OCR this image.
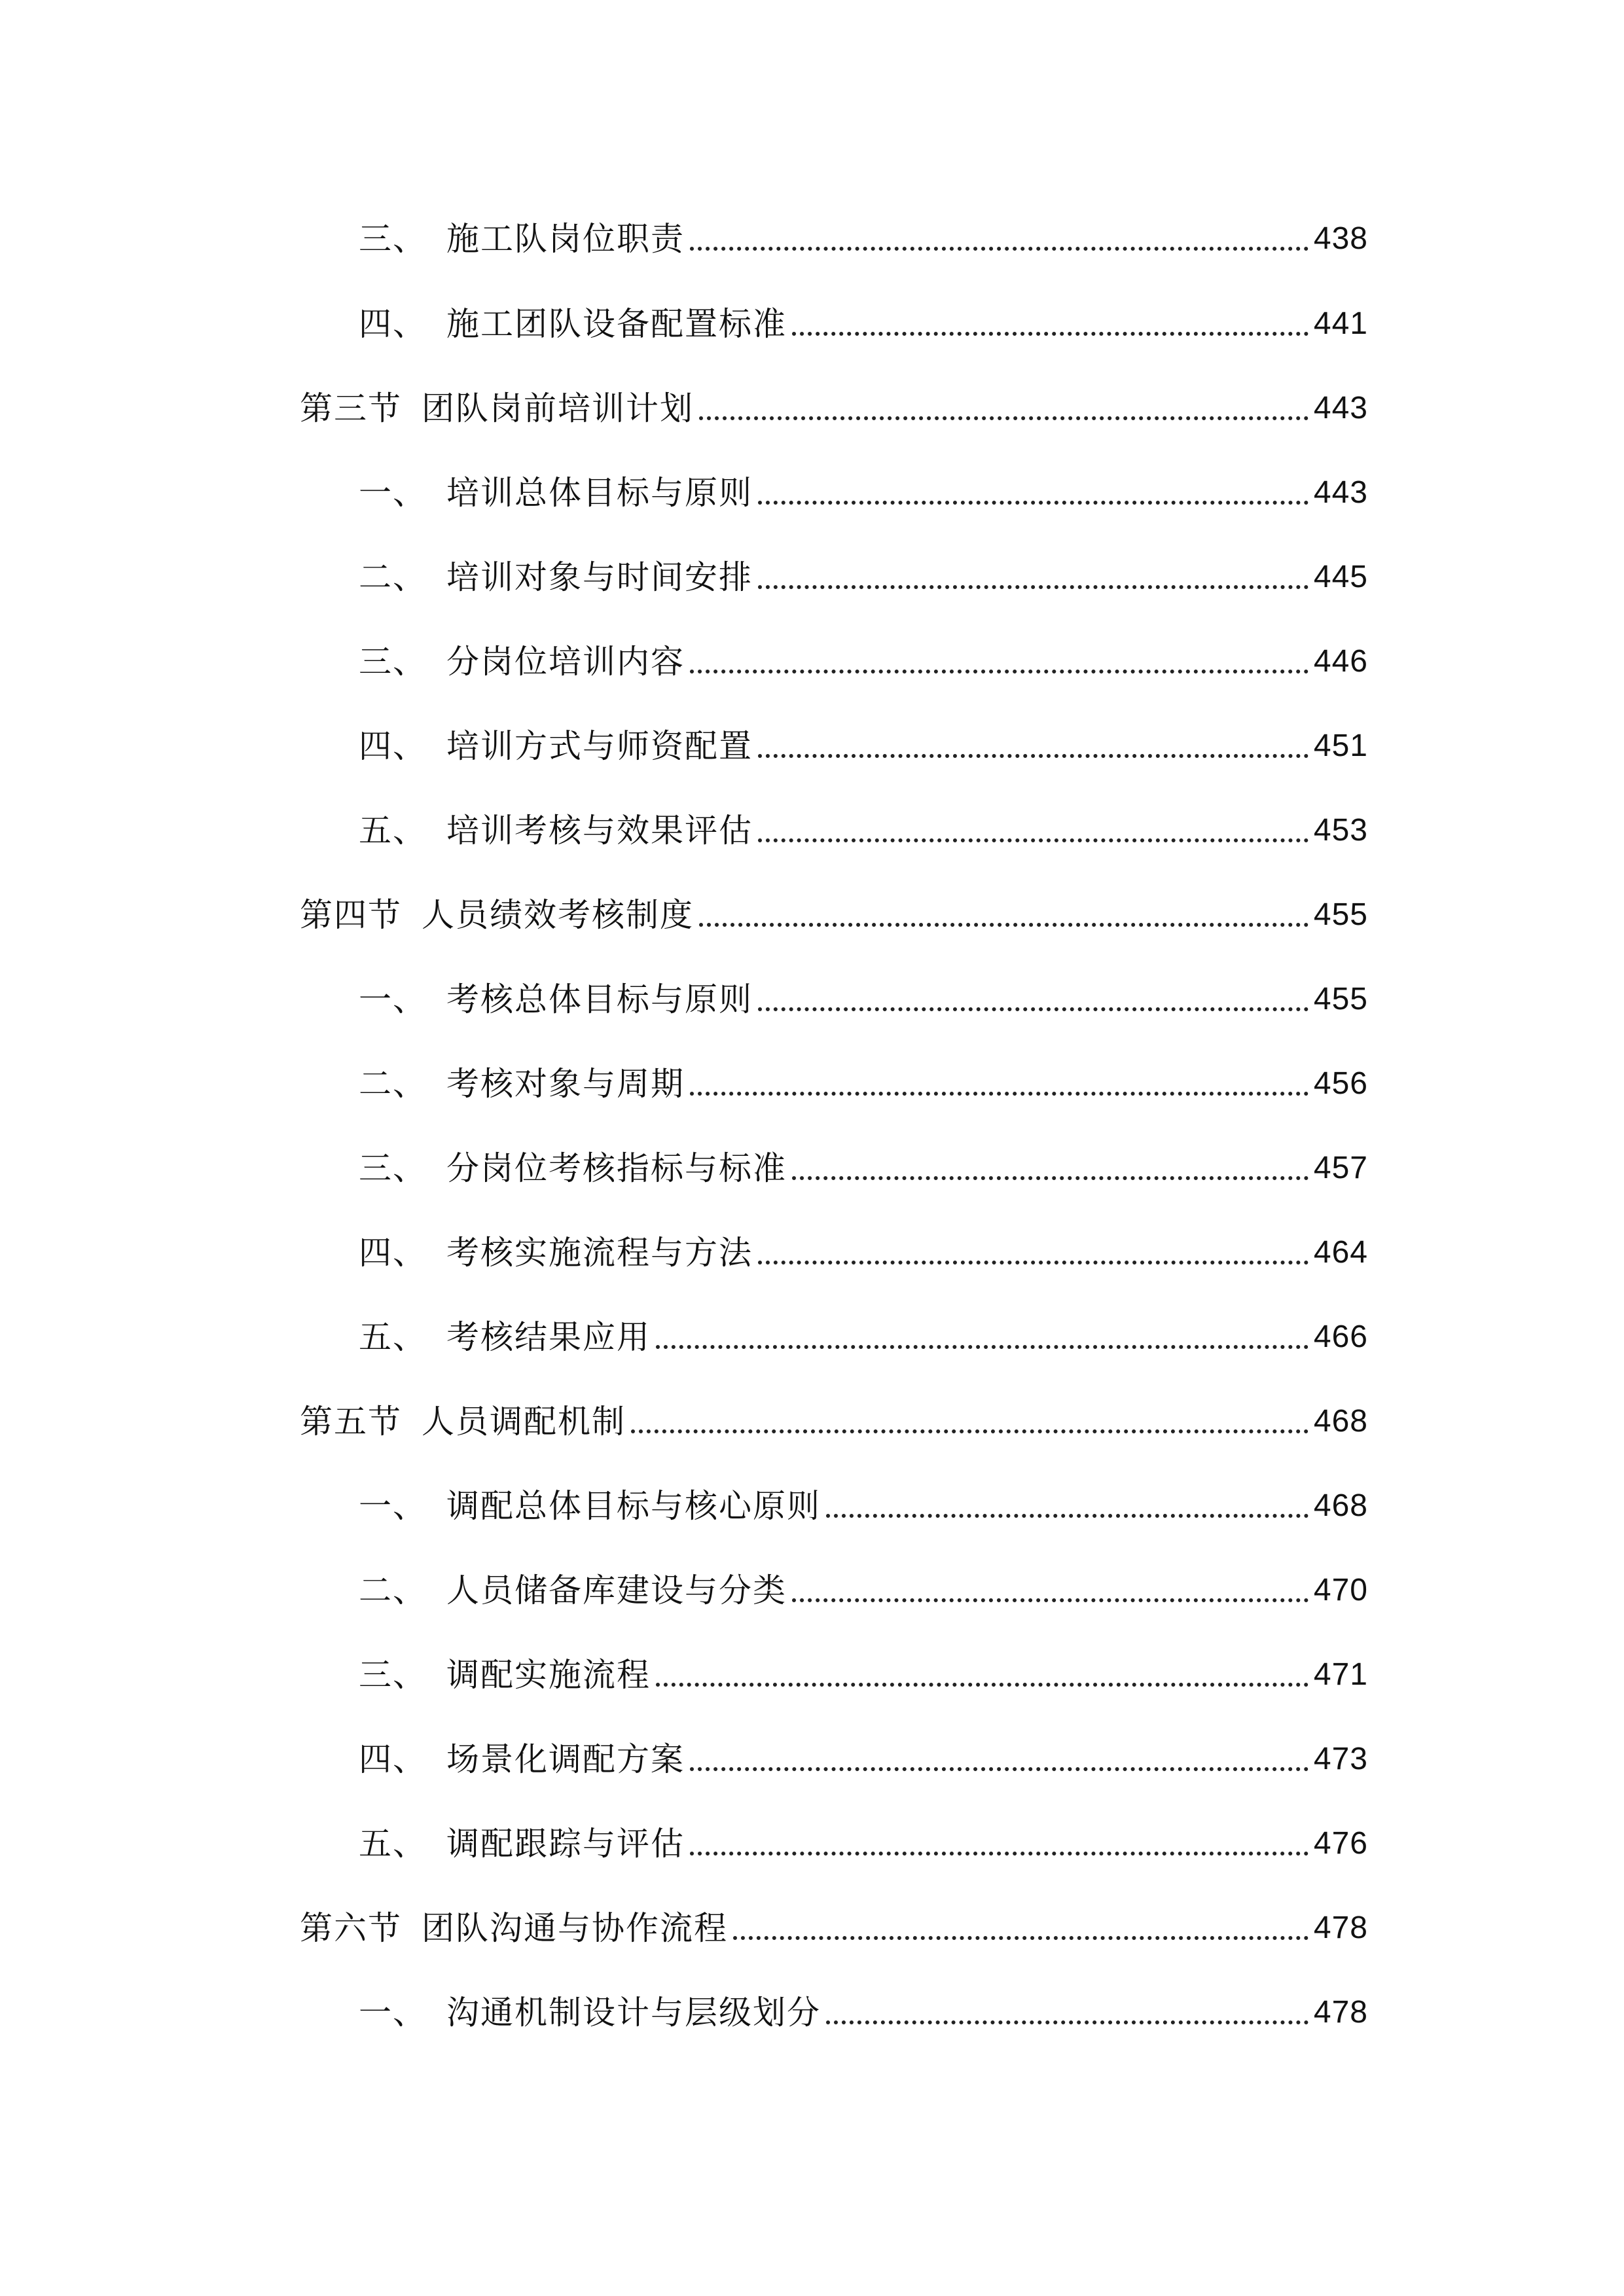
三、 施工队岗位职责	438
四、 施工团队设备配置标准	441
第三节 团队岗前培训计划	443
一、 培训总体目标与原则	443
二、 培训对象与时间安排	445
三、 分岗位培训内容	446
四、 培训方式与师资配置	451
五、 培训考核与效果评估	453
第四节 人员绩效考核制度	455
一、 考核总体目标与原则	455
二、 考核对象与周期	456
三、 分岗位考核指标与标准	457
四、 考核实施流程与方法	464
五、 考核结果应用	466
第五节 人员调配机制	468
一、 调配总体目标与核心原则	468
二、 人员储备库建设与分类	470
三、 调配实施流程	471
四、 场景化调配方案	473
五、 调配跟踪与评估	476
第六节 团队沟通与协作流程	478
一、 沟通机制设计与层级划分	478
